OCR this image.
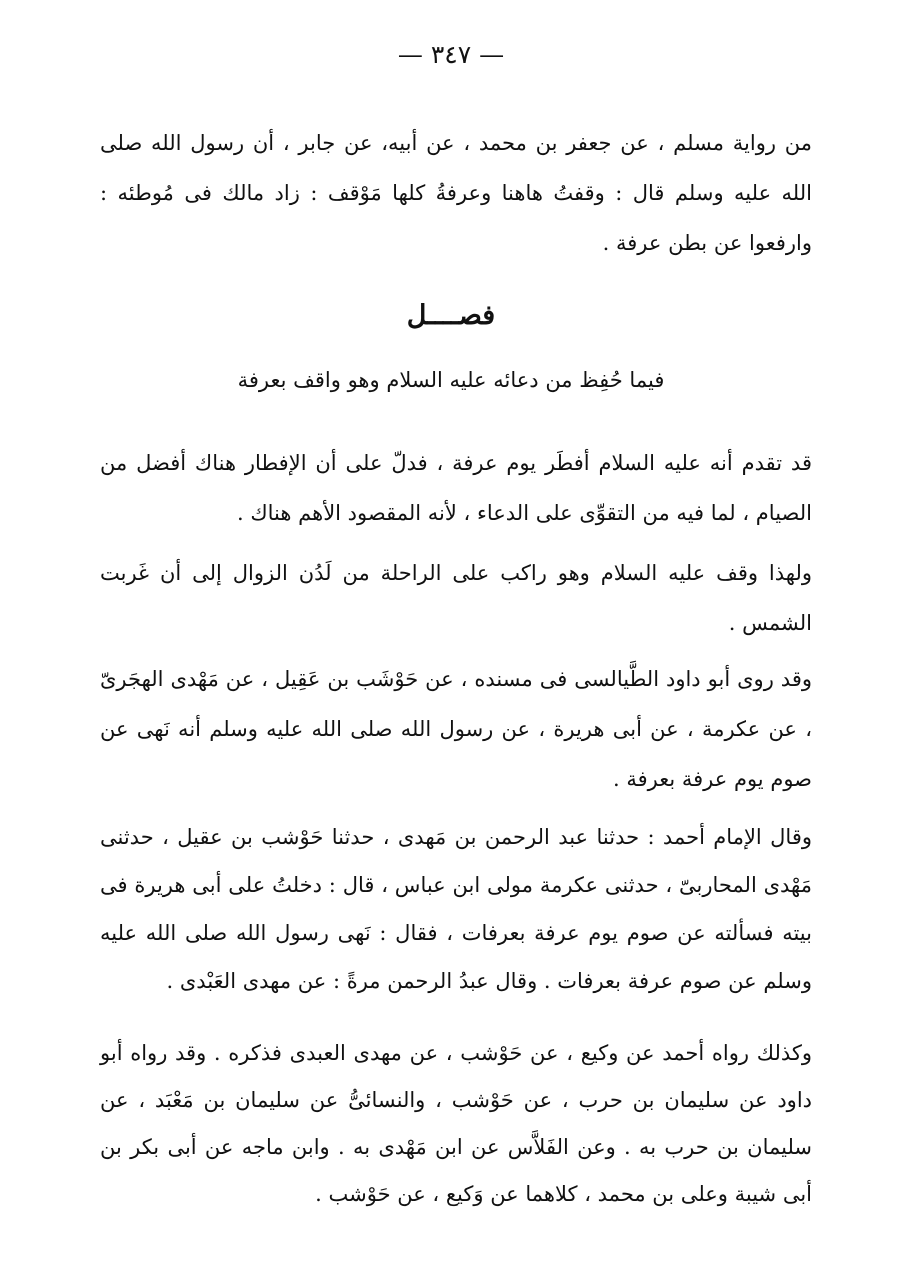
— ٣٤٧ —
من رواية مسلم ، عن جعفر بن محمد ، عن أبيه، عن جابر ، أن رسول الله صلى الله عليه وسلم قال : وقفتُ هاهنا وعرفةُ كلها مَوْقف : زاد مالك فى مُوطئه : وارفعوا عن بطن عرفة .
فصــــل
فيما حُفِظ من دعائه عليه السلام وهو واقف بعرفة
قد تقدم أنه عليه السلام أفطَر يوم عرفة ، فدلّ على أن الإفطار هناك أفضل من الصيام ، لما فيه من التقوِّى على الدعاء ، لأنه المقصود الأهم هناك .
ولهذا وقف عليه السلام وهو راكب على الراحلة من لَدُن الزوال إلى أن غَربت الشمس .
وقد روى أبو داود الطَّيالسى فى مسنده ، عن حَوْشَب بن عَقِيل ، عن مَهْدى الهجَرىّ ، عن عكرمة ، عن أبى هريرة ، عن رسول الله صلى الله عليه وسلم أنه نَهى عن صوم يوم عرفة بعرفة .
وقال الإمام أحمد : حدثنا عبد الرحمن بن مَهدى ، حدثنا حَوْشب بن عقيل ، حدثنى مَهْدى المحاربىّ ، حدثنى عكرمة مولى ابن عباس ، قال : دخلتُ على أبى هريرة فى بيته فسألته عن صوم يوم عرفة بعرفات ، فقال : نَهى رسول الله صلى الله عليه وسلم عن صوم عرفة بعرفات . وقال عبدُ الرحمن مرةً : عن مهدى العَبْدى .
وكذلك رواه أحمد عن وكيع ، عن حَوْشب ، عن مهدى العبدى فذكره . وقد رواه أبو داود عن سليمان بن حرب ، عن حَوْشب ، والنسائىُّ عن سليمان بن مَعْبَد ، عن سليمان بن حرب به . وعن الفَلاَّس عن ابن مَهْدى به . وابن ماجه عن أبى بكر بن أبى شيبة وعلى بن محمد ، كلاهما عن وَكيع ، عن حَوْشب .
